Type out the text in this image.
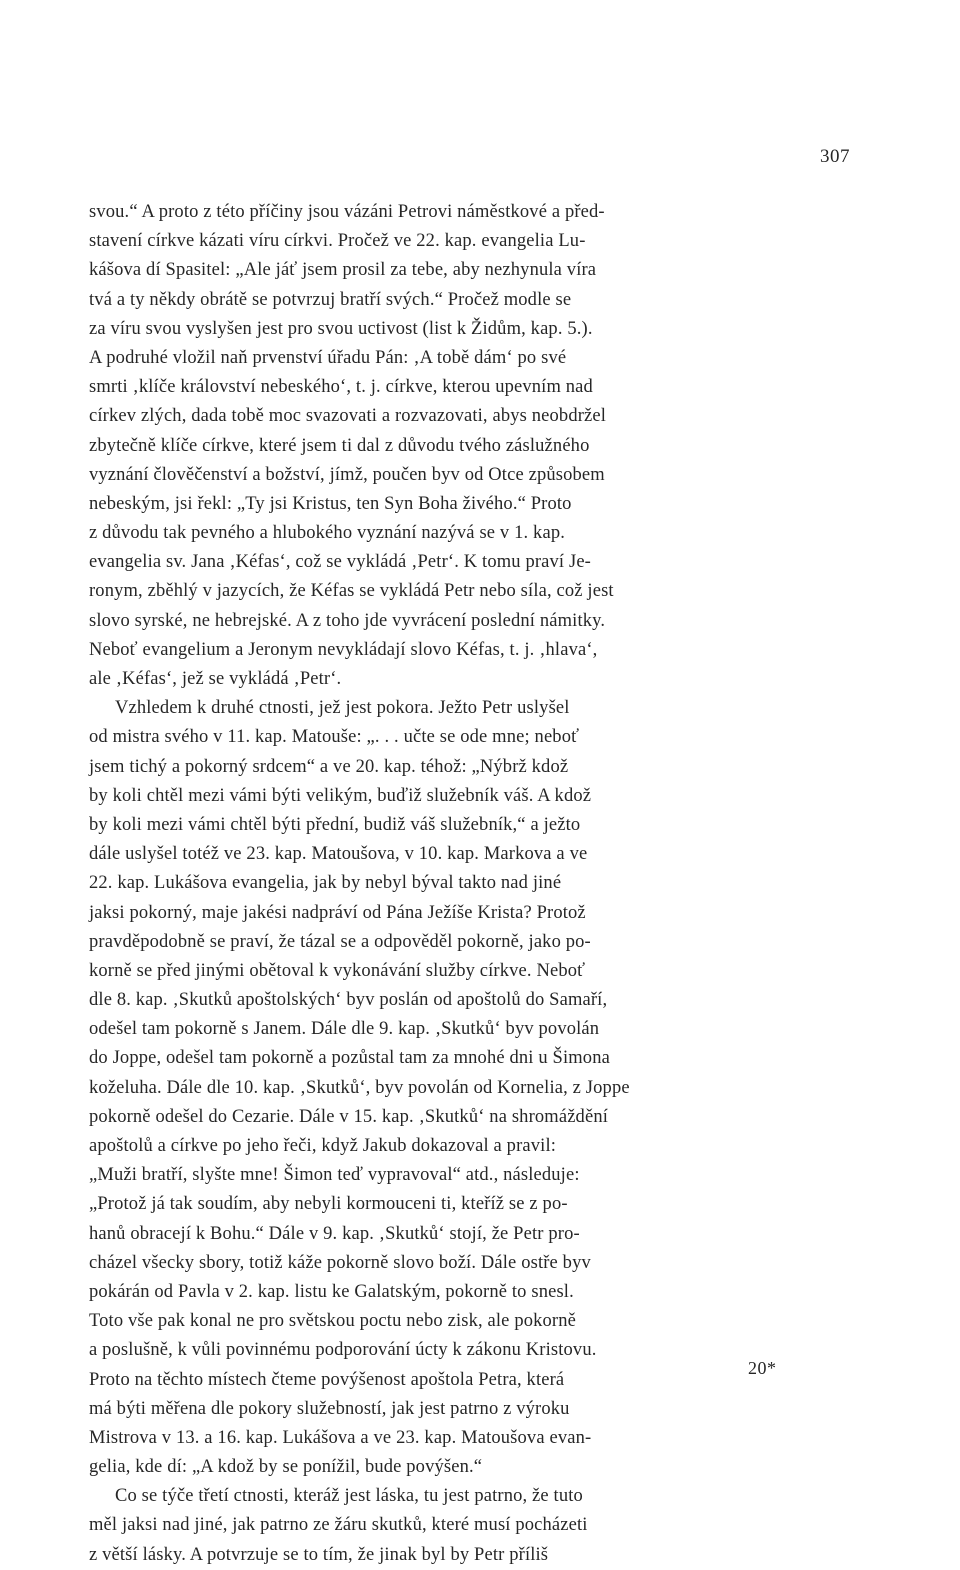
307
svou.“ A proto z této příčiny jsou vázáni Petrovi náměstkové a před-
stavení církve kázati víru církvi. Pročež ve 22. kap. evangelia Lu-
kášova dí Spasitel: „Ale jáť jsem prosil za tebe, aby nezhynula víra
tvá a ty někdy obrátě se potvrzuj bratří svých.“ Pročež modle se
za víru svou vyslyšen jest pro svou uctivost (list k Židům, kap. 5.).
A podruhé vložil naň prvenství úřadu Pán: ‚A tobě dám‘ po své
smrti ‚klíče království nebeského‘, t. j. církve, kterou upevním nad
církev zlých, dada tobě moc svazovati a rozvazovati, abys neobdržel
zbytečně klíče církve, které jsem ti dal z důvodu tvého záslužného
vyznání člověčenství a božství, jímž, poučen byv od Otce způsobem
nebeským, jsi řekl: „Ty jsi Kristus, ten Syn Boha živého.“ Proto
z důvodu tak pevného a hlubokého vyznání nazývá se v 1. kap.
evangelia sv. Jana ‚Kéfas‘, což se vykládá ‚Petr‘. K tomu praví Je-
ronym, zběhlý v jazycích, že Kéfas se vykládá Petr nebo síla, což jest
slovo syrské, ne hebrejské. A z toho jde vyvrácení poslední námitky.
Neboť evangelium a Jeronym nevykládají slovo Kéfas, t. j. ‚hlava‘,
ale ‚Kéfas‘, jež se vykládá ‚Petr‘.
Vzhledem k druhé ctnosti, jež jest pokora. Ježto Petr uslyšel
od mistra svého v 11. kap. Matouše: „. . . učte se ode mne; neboť
jsem tichý a pokorný srdcem“ a ve 20. kap. téhož: „Nýbrž kdož
by koli chtěl mezi vámi býti velikým, buďiž služebník váš. A kdož
by koli mezi vámi chtěl býti přední, budiž váš služebník,“ a ježto
dále uslyšel totéž ve 23. kap. Matoušova, v 10. kap. Markova a ve
22. kap. Lukášova evangelia, jak by nebyl býval takto nad jiné
jaksi pokorný, maje jakési nadpráví od Pána Ježíše Krista? Protož
pravděpodobně se praví, že tázal se a odpověděl pokorně, jako po-
korně se před jinými obětoval k vykonávání služby církve. Neboť
dle 8. kap. ‚Skutků apoštolských‘ byv poslán od apoštolů do Samaří,
odešel tam pokorně s Janem. Dále dle 9. kap. ‚Skutků‘ byv povolán
do Joppe, odešel tam pokorně a pozůstal tam za mnohé dni u Šimona
koželuha. Dále dle 10. kap. ‚Skutků‘, byv povolán od Kornelia, z Joppe
pokorně odešel do Cezarie. Dále v 15. kap. ‚Skutků‘ na shromáždění
apoštolů a církve po jeho řeči, když Jakub dokazoval a pravil:
„Muži bratří, slyšte mne! Šimon teď vypravoval“ atd., následuje:
„Protož já tak soudím, aby nebyli kormouceni ti, kteříž se z po-
hanů obracejí k Bohu.“ Dále v 9. kap. ‚Skutků‘ stojí, že Petr pro-
cházel všecky sbory, totiž káže pokorně slovo boží. Dále ostře byv
pokárán od Pavla v 2. kap. listu ke Galatským, pokorně to snesl.
Toto vše pak konal ne pro světskou poctu nebo zisk, ale pokorně
a poslušně, k vůli povinnému podporování úcty k zákonu Kristovu.
Proto na těchto místech čteme povýšenost apoštola Petra, která
má býti měřena dle pokory služebností, jak jest patrno z výroku
Mistrova v 13. a 16. kap. Lukášova a ve 23. kap. Matoušova evan-
gelia, kde dí: „A kdož by se ponížil, bude povýšen.“
Co se týče třetí ctnosti, kteráž jest láska, tu jest patrno, že tuto
měl jaksi nad jiné, jak patrno ze žáru skutků, které musí pocházeti
z větší lásky. A potvrzuje se to tím, že jinak byl by Petr příliš
20*
